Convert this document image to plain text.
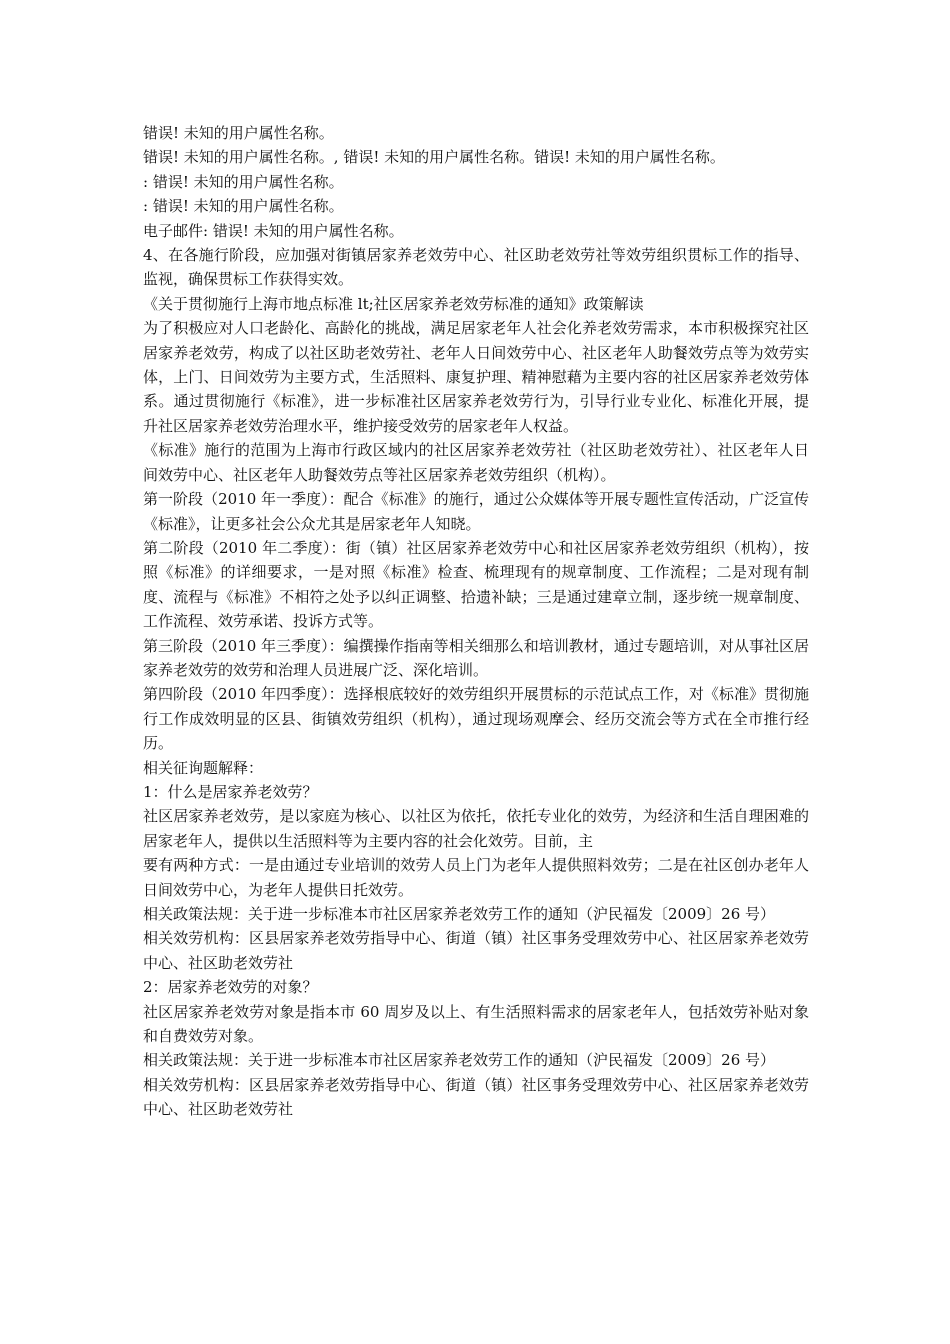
错误! 未知的用户属性名称。

错误! 未知的用户属性名称。, 错误! 未知的用户属性名称。错误! 未知的用户属性名称。

: 错误! 未知的用户属性名称。

: 错误! 未知的用户属性名称。

电子邮件: 错误! 未知的用户属性名称。

4、在各施行阶段，应加强对街镇居家养老效劳中心、社区助老效劳社等效劳组织贯标工作的指导、监视，确保贯标工作获得实效。

《关于贯彻施行上海市地点标准 lt;社区居家养老效劳标准的通知》政策解读

为了积极应对人口老龄化、高龄化的挑战，满足居家老年人社会化养老效劳需求，本市积极探究社区居家养老效劳，构成了以社区助老效劳社、老年人日间效劳中心、社区老年人助餐效劳点等为效劳实体，上门、日间效劳为主要方式，生活照料、康复护理、精神慰藉为主要内容的社区居家养老效劳体系。通过贯彻施行《标准》，进一步标准社区居家养老效劳行为，引导行业专业化、标准化开展，提升社区居家养老效劳治理水平，维护接受效劳的居家老年人权益。

《标准》施行的范围为上海市行政区域内的社区居家养老效劳社（社区助老效劳社）、社区老年人日间效劳中心、社区老年人助餐效劳点等社区居家养老效劳组织（机构）。

第一阶段（2010 年一季度）：配合《标准》的施行，通过公众媒体等开展专题性宣传活动，广泛宣传《标准》，让更多社会公众尤其是居家老年人知晓。

第二阶段（2010 年二季度）：街（镇）社区居家养老效劳中心和社区居家养老效劳组织（机构），按照《标准》的详细要求，一是对照《标准》检查、梳理现有的规章制度、工作流程；二是对现有制度、流程与《标准》不相符之处予以纠正调整、拾遗补缺；三是通过建章立制，逐步统一规章制度、工作流程、效劳承诺、投诉方式等。

第三阶段（2010 年三季度）：编撰操作指南等相关细那么和培训教材，通过专题培训，对从事社区居家养老效劳的效劳和治理人员进展广泛、深化培训。

第四阶段（2010 年四季度）：选择根底较好的效劳组织开展贯标的示范试点工作，对《标准》贯彻施行工作成效明显的区县、街镇效劳组织（机构），通过现场观摩会、经历交流会等方式在全市推行经历。

相关征询题解释：

1：什么是居家养老效劳？

社区居家养老效劳，是以家庭为核心、以社区为依托，依托专业化的效劳，为经济和生活自理困难的居家老年人，提供以生活照料等为主要内容的社会化效劳。目前，主

要有两种方式：一是由通过专业培训的效劳人员上门为老年人提供照料效劳；二是在社区创办老年人日间效劳中心，为老年人提供日托效劳。

相关政策法规：关于进一步标准本市社区居家养老效劳工作的通知（沪民福发〔2009〕26 号）

相关效劳机构：区县居家养老效劳指导中心、街道（镇）社区事务受理效劳中心、社区居家养老效劳中心、社区助老效劳社

2：居家养老效劳的对象？

社区居家养老效劳对象是指本市 60 周岁及以上、有生活照料需求的居家老年人，包括效劳补贴对象和自费效劳对象。

相关政策法规：关于进一步标准本市社区居家养老效劳工作的通知（沪民福发〔2009〕26 号）

相关效劳机构：区县居家养老效劳指导中心、街道（镇）社区事务受理效劳中心、社区居家养老效劳中心、社区助老效劳社
